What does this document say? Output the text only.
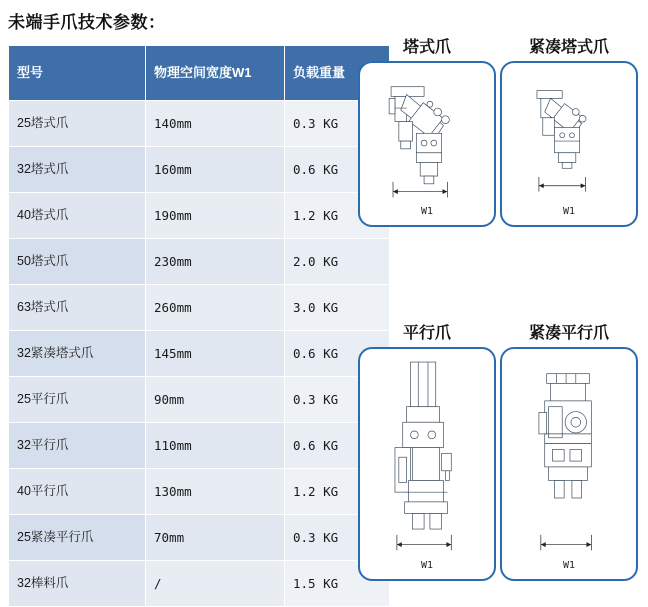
未端手爪技术参数：
型号	物理空间宽度W1	负载重量
25塔式爪	140mm	0.3 KG
32塔式爪	160mm	0.6 KG
40塔式爪	190mm	1.2 KG
50塔式爪	230mm	2.0 KG
63塔式爪	260mm	3.0 KG
32紧凑塔式爪	145mm	0.6 KG
25平行爪	90mm	0.3 KG
32平行爪	110mm	0.6 KG
40平行爪	130mm	1.2 KG
25紧凑平行爪	70mm	0.3 KG
32棒料爪	/	1.5 KG
塔式爪
W1
紧凑塔式爪
W1
平行爪
W1
紧凑平行爪
W1
